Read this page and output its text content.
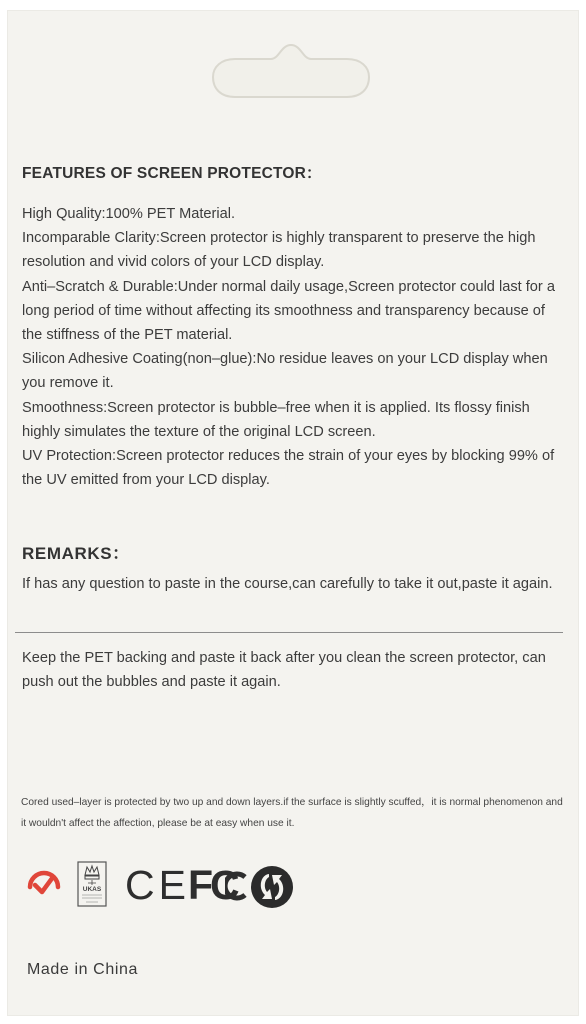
FEATURES OF SCREEN PROTECTOR：

High Quality:100% PET Material.

Incomparable Clarity:Screen protector is highly transparent to preserve the high resolution and vivid colors of your LCD display.

Anti–Scratch & Durable:Under normal daily usage,Screen protector could last for a long period of time without affecting its smoothness and transparency because of the stiffness of the PET material.

Silicon Adhesive Coating(non–glue):No residue leaves on your LCD display when you remove it.

Smoothness:Screen protector is bubble–free when it is applied. Its flossy finish highly simulates the texture of the original LCD screen.

UV Protection:Screen protector reduces the strain of your eyes by blocking 99% of the UV emitted from your LCD display.

REMARKS：

If has any question to paste in the course,can carefully to take it out,paste it again.

Keep the PET backing and paste it back after you clean the screen protector, can push out the bubbles and paste it again.

Cored used–layer is protected by two up and down layers.if the surface is slightly scuffed，it is normal phenomenon and it wouldn't affect the affection, please be at easy when use it.

UKAS CE
FC

Made in China
